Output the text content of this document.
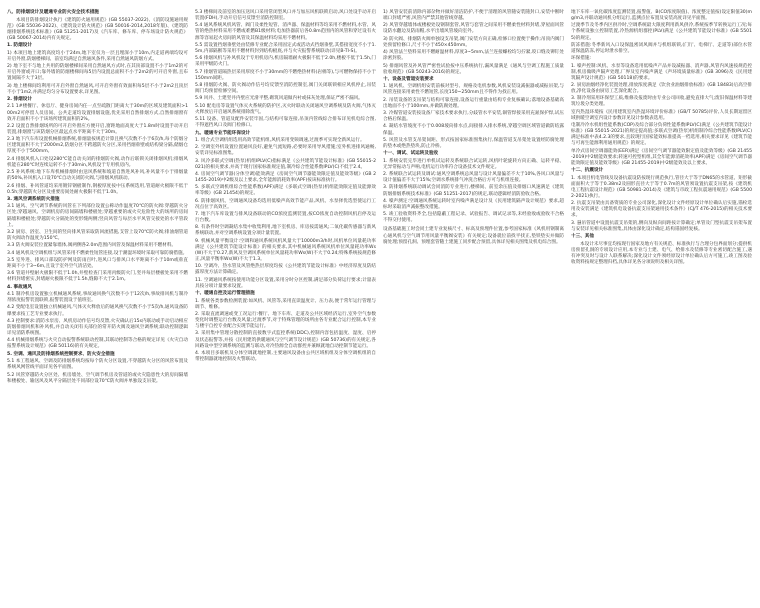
八、防排烟设计及暖通专业防火安全技术措施

本项目防排烟设计执行《建筑防火通用规范》(GB 55037-2022)、《消防设施通用规范》(GB 55036-2022)、《建筑设计防火规范》(GB 50016-2014,2018年版)、《建筑防烟排烟系统技术标准》(GB 51251-2017)及《汽车库、修车库、停车场设计防火规范》(GB 50067-2014)内有关规定。

1. 防烟设计

1) 本项目地上建筑高度均小于24m,地下室仅为一层且埋深小于10m,内走道两端均设可开启外窗,防烟楼梯间、前室均满足自然通风条件,采用自然通风防烟方式。

2) 地下室不与地上共用的防烟楼梯间采用自然通风方式时,在其顶部设置不小于1m2的可开启外窗或开口;靠外墙的防烟楼梯间每5层内设置总面积不小于2m2的可开启外窗,且布置间隔不大于3层。

3) 地上楼梯间均利用可开启外窗自然通风,可开启外窗有效面积每5层不小于2m2且顶层不小于1m2,并满足均匀分布设置要求,详见图。

2. 排烟设计

2.1 1#楼餐厅、休息厅、健身房间内任一点至疏散门距离大于30m的区域及建筑面积>100m2可停留人员房间、公共走道均设置排烟设施,优先采用自然排烟方式,自然排烟窗有效开启面积不小于该场所建筑面积的2%。

2.2 设置自然排烟场所的可开启外窗应方便开启,窗距地面高度大于1.8m时设置手动开启装置,排烟窗与该防烟分区最远点水平距离不大于30m。

2.3 地下汽车库设置机械排烟系统,排烟量按规范计算且换气次数不小于6次/h,每个防烟分区建筑面积不大于2000m2,防烟分区不跨越防火分区,采用挡烟垂壁或结构梁分隔,储烟仓厚度不小于500mm。

2.4 排烟风机入口处设280℃能自动关闭的排烟防火阀,动作后联锁关闭排烟风机;排烟风机能在280℃时连续运转不小于30min,风机设于专用机房内。

2.5 补风系统:地下车库机械排烟时由送风系统和坡道自然进风补风,补风量不小于排烟量的50%,补风机入口设70℃自动关闭防火阀,与排烟风机联动。

2.6 排烟、补风管道均采用镀锌钢板制作,钢板厚度按中压系统选用,管道耐火极限不低于0.5h;穿越防火分区及重要房间处耐火极限不低于1.0h。

3. 通风空调系统防火措施

3.1 通风、空气调节系统的风管在下列部位设置公称动作温度70℃的防火阀:穿越防火分区处;穿越通风、空调机房的房间隔墙和楼板处;穿越重要的或火灾危险性大的场所的房间隔墙和楼板处;穿越防火分隔处的变形缝两侧;竖向风管与每层水平风管交接处的水平管段上。

3.2 厨房、浴室、卫生间的竖向排风管采取防回流措施,支管上设70℃防火阀;排油烟管道防火阀动作温度为150℃。

3.3 防火阀安装位置紧靠墙体,阀两侧各2.0m范围内风管及保温材料采用不燃材料。

3.4 通风机及空调机组与风管采用不燃柔性短管连接,设于潮湿环境时采取可靠防腐措施。

3.5 室外进、排风口部设防护网及防雨百叶,进风口与排风口水平距离不小于10m或垂直距离不小于3~6m,且设于室外空气清洁处。

3.6 管道井壁耐火极限不低于1.0h,井壁检查门采用丙级防火门,竖井每层楼板处采用不燃材料封堵密实,封堵耐火极限不低于1.5h,缝隙不大于2.1m。

4. 事故通风

4.1 制冷机房设置独立机械通风系统,事故通风换气次数不小于12次/h,事故排风机与制冷剂浓度报警装置联锁,报警装置设于值班室。

4.2 变配电室设置独立机械通风,气体灭火释放后的通风换气次数不小于5次/h,通风设备防爆要求按工艺专业要求执行。

4.3 控制要求:消防水泵房、风机房动作信号均反馈,火灾确认后15s内联动或手动启动相应防烟排烟风机和补风机,并自动关闭有关部位的常开防火阀及通风空调系统;联动控制逻辑详见消防系统图。

4.4 机械排烟系统与火灾自动报警系统联动控制,其联动控制等合格的规定详见《火灾自动报警系统设计规范》(GB 50116)的有关规定。

5. 空调、通风及防排烟系统控制要求、防火安全措施

5.1 本工程通风、空调及防排烟系统均按每个防火分区设置,不穿越防火分区的风管布置及系统风网管线平面详见各平面图。

5.2 风管穿越防火分区处、机房墙处、空气调节机房及管道的或火灾隐患性大的房间隔墙和楼板处、输送风及风平分隔层处不同部位设70℃防火阀并单独设支吊架。

5.3 楼梯间及前室的加压送风口采用常闭型风口并与加压风机联锁启动,风口处设手动开启装置(FDH),手动开启信号反馈至消防控制室。

5.4 通风系统风机风管、阀门及柔性短管、消声器、保温材料等均采用不燃材料,水管、风管的绝热材料采用不燃或难燃B1级材料;电加热器前后各0.8m范围内的风管和穿过设有火源等容易起火房间的风管及其保温材料均采用不燃材料。

5.5 需设置挡烟垂壁处由装修专业配合采用固定式或活动式挡烟垂壁,其搭接宽度不小于1.5m,内部隔断等采用不燃材料封到结构板底,并与火灾报警系统联动(详见B-TI-S)。

5.6 排烟风机与补风机设于专用机房内,机房隔墙耐火极限不低于2.0h,楼板不低于1.5h,门采用甲级防火门。

5.7 排烟管道隔热层采用厚度不小于30mm的不燃绝热材料(岩棉等),与可燃物保持不小于150mm间距。

5.8 排烟防火阀、防火阀动作信号均反馈至消防控制室,阀门关闭联锁相应风机停止,吊装阀门均预留检修空间。

5.9 风井、土建竖井内壁应光滑平整,砌筑风道做内衬或抹灰处理,保证严密不漏风。

5.10 配电房等设置气体灭火系统的防护区,灭火时联动关闭通风空调系统及防火阀,气体灭火释放后开启通风系统排除废气。

5.11 设备、管道及配件安装牢固,与结构可靠连接,吊顶内管线综合排布详见机电综合图,不得遮挡风口及阀门检修口。

九、暖通专业节能环保设计

1. 组合式空调机组选用高效节能机组,风机采用变频调速,过渡季可实现全新风运行。

2. 空调室外机设置位置通风良好,避免气流短路,必要时采用导风措施;室外机进排风通畅,安装详见标准图集。

3. 风冷多联式空调(热泵)机组IPLV(C)指标满足《公共建筑节能设计标准》(GB 55015-2021)的相关要求,并高于现行国家标准规定值,制冷综合性能系数IPLV(C)不低于2.4。

4. 房间空气调节器(分体空调)能效满足《房间空气调节器能效限定值及能效等级》(GB 21455-2019)中2级及以上要求,全年能源消耗效率(APF)按该标准执行。

5. 多联式空调机组综合性能系数(APF)满足《多联式空调(热泵)机组能效限定值及能源效率等级》(GB 21454)的规定。

6. 防排烟风机、空调通风设备均选用低噪声高效节能产品,风机、水泵择优选型使运行工况点位于高效区。

7. 地下汽车库设置与排风设备联动的CO浓度监测装置,按CO浓度自动控制风机启停及运行台数。

8. 有条件时空调凝结水集中收集利用,地下室机房、库房按需通风;二氧化碳传感器与新风系统联动,并对空调系统设置分项计量装置。

9. 机械风量平衡设计:空调和通风系统风机风量大于10000m3/h时,风机单位风量耗功率满足《公共建筑节能设计标准》的相关要求,其中机械通风系统风机单位风量耗功率Ws(W)不大于0.27,新风及空调风系统单位风量耗功率Ws(W)不大于0.24;特殊系统按规范修正,风量平衡率Ws(W)不大于1.3。

10. 空调冷、热水管及风管绝热层厚度均按《公共建筑节能设计标准》中经济厚度及防结露厚度方法计算确定。

11. 空调通风系统按使用功能分区设置,采用分时分区控制,满足部分负荷运行要求;计量表具按分项计量要求设置。

十、暖通自控及运行管理措施

1. 系统各类参数检测装置:如风机、风管等,采用直读温度计、压力表,便于常年运行管理与调节、维修。

2. 采取直流调速或变工况运行:餐厅、地下车库、走道及公共区域经济运行,室外空气参数变化时调整运行台数及风量;过渡季节,对于特殊管理的场所由各专业配合运行控制,本专业与楼宇自控专业配合实现节能运行。

3. 采用集中管理分散控制的直接数字式监控系统(DDC),控制内容包括温度、湿度、启停及状态报警等,并按《民用建筑供暖通风与空气调节设计规范》(GB 50736)的有关规定,各回路设中型空调系统的监测与联动,对冷热源全自动群控并兼顾就地自动控制节能运行。

4. 本项目多联机及分体空调就地控制,主要通风设备由公共区域机组及分体空调机组的自带控制器就地控制及火警联动。

1) 风管安装前清除内部杂物并做好清洁防护,不便于清理的风管随安装随封口,安装中断时端口封堵严密,风管内严禁其他管线穿越。

2) 风管穿越墙体或楼板处设钢制套管,风管与套管之间采用不燃柔性材料封堵,穿屋面风管设防水翻边及防雨帽,水平出墙风管坡向室外。

3) 防火阀、排烟防火阀单独设支吊架,阀门安装方向正确,检修口位置便于操作;吊顶内阀门处预留检修口,尺寸不小于450×450mm。

4) 风管法兰垫料采用不燃耐温材料,厚度3~5mm,法兰连接螺栓均匀拧紧,咬口缝及铆钉处涂密封胶。

5) 排烟风管及补风管严密性试验按中压系统执行,漏风量满足《通风与空调工程施工质量验收规范》(GB 50243-2016)的规定。

十、设备及管道安装要求

1. 通风机、空调机组安装前核对型号、规格及电机参数,风机安装设减振器或减振吊架,与风管连接采用柔性不燃短管,长度150~250mm且不得作为找正用。

2. 吊装设备的支吊架与结构可靠连接,设备运行重量由结构专业复核确认;落地设备基础高出地面不小于100mm,并做防腐处理。

3. 冷媒管道安装按设备厂家技术要求执行,分歧管水平安装,铜管焊接采用充氮保护焊,试压合格后保温。

4. 凝结水管坡度不小于0.008坡向排水点,间接排入排水系统,穿越空调区域管道做防结露保温。

5. 风管及水管支吊架间距、形式按国家标准图集执行,保温管道支吊架处设置经防腐处理的垫木或绝热垫块,防止冷桥。

十一、调试、试运转及验收

1. 系统安装完毕进行单机试运转及系统联合试运转,风机叶轮旋转方向正确、运转平稳、无异常振动与声响,电机运行功率符合设备技术文件规定。

2. 系统联合试运转及调试:通风空调系统总风量与设计风量偏差不大于10%,各风口风量与设计值偏差不大于15%;空调水系统排气冲洗合格后方可与机组连接。

3. 防排烟系统联动调试会同消防专业进行,楼梯间、前室余压值及排烟口风速满足《建筑防烟排烟系统技术标准》(GB 51251-2017)的规定,联动逻辑经消防验收合格。

4. 噪声测定:空调通风系统运转时室内噪声满足设计及《民用建筑隔声设计规范》要求,超标时采取消声减振整改措施。

5. 竣工验收资料齐全,包括隐蔽工程记录、试验报告、调试记录等,未经验收或验收不合格不得交付使用。

设备基础施工时会同土建专业复核尺寸、标高及预埋件位置,参考国家标准《风机用钢制离心通风机与空气调节用风量平衡阀安装》有关规定;设备就位前找平找正,垫铁垫实并做防腐处理;预留孔洞、预埋套管随土建施工同步配合预留,具体详见相关图集及机电综合图。

地下车库一氧化碳浓度监测装置,报警值、B(CO浓度限值)、浓度整定值按(设定限值30)mg/m3,并联动通风机分组运行,监测点位布置及安装高度详见平面图。

过渡季节及冬季内区供冷时,空调系统最大限度利用新风供冷,系统按季节转换运行工况;每个系统设独立控制装置,冷热源机组群控(PLV)满足《公共建筑节能设计标准》(GB 55015)的规定。

防冻措施:冬季新风入口设保温密闭风阀并与机组联锁,(门厅、电梯厅、走道等)部位水管道保温防冻,停运时泄水排空。

环保措施:

1. 噪声控制:风机、水泵等设备选用低噪声产品并设减振器、消声器,风管内风速按规范控制,机房做吸声隔声处理,厂界及室内噪声满足《声环境质量标准》(GB 3096)及《民用建筑隔声设计规范》(GB 50118)的要求。

2. 厨房油烟经净化装置处理,排放浓度满足《饮食业油烟排放标准》(GB 18483)后高空排放,净化设备由厨房工艺深化配合。

3. 制冷剂采用环保型工质,维修及报废时由专业公司回收,避免直排大气;废旧保温材料等建筑垃圾分类处理。

室内热湿环境按《民用建筑室内热湿环境评价标准》(GB/T 50785)评价,人员长期逗留区域供暖空调室内设计参数详见设计参数表选用。

电制冷冷水机组性能系数(COP)及综合部分负荷性能系数IPLV(C)满足《公共建筑节能设计标准》(GB 55015-2021)的规定提高值;多联式空调(热泵)机组制冷综合性能系数IPLV(C)满足标准中表4.2.3的要求,且较现行国家能效标准提高一档选用,相关要求详见《建筑节能与可再生能源利用通用规范》的规定。

单冷式房间空调器能效(EER)满足《房间空气调节器能效限定值及能效等级》(GB 21455-2019)中2级能效要求;转速可控型机组,其全年能源消耗效率(APF)满足《房间空气调节器能效限定值及能效等级》(GB 21455-2019)中2级能效及以上要求。

十二、抗震设计

1. 本项目机电管线及设备抗震设防按现行规范执行,管径大于等于DN65的水管道、矩形截面面积大于等于0.38m2及圆形直径大于等于0.7m的风管须设置抗震支吊架,按《建筑机电工程抗震设计规范》(GB 50981-2014)及《建筑与市政工程抗震通用规范》(GB 55002-2021)执行。

2. 抗震支吊架由具备资质的专业公司深化,深化设计文件经原设计单位确认后实施,锚栓选用及安装满足《建筑机电设备抗震支吊架通用技术条件》(CJ/T 476-2015)的相关技术要求。

3. 悬吊管道中设置抗震支吊架的,侧向及纵向间距按计算确定;单管及门型抗震支吊架布置与安装详见相关标准图集,具体由深化设计确定,结构锚固经复核。

十三、其他

本设计未尽事宜均按现行国家及地方有关规范、标准执行与合理分包界面划分;提供机房预留孔洞的专项设计应用,本专业与土建、电气、给排水及装修等专业密切配合施工,遇有冲突及时与设计人联系解决;深化设计文件须经原设计单位确认后方可施工,竣工图及验收资料按规定整理归档,具体详见各分项说明及相关详图。
